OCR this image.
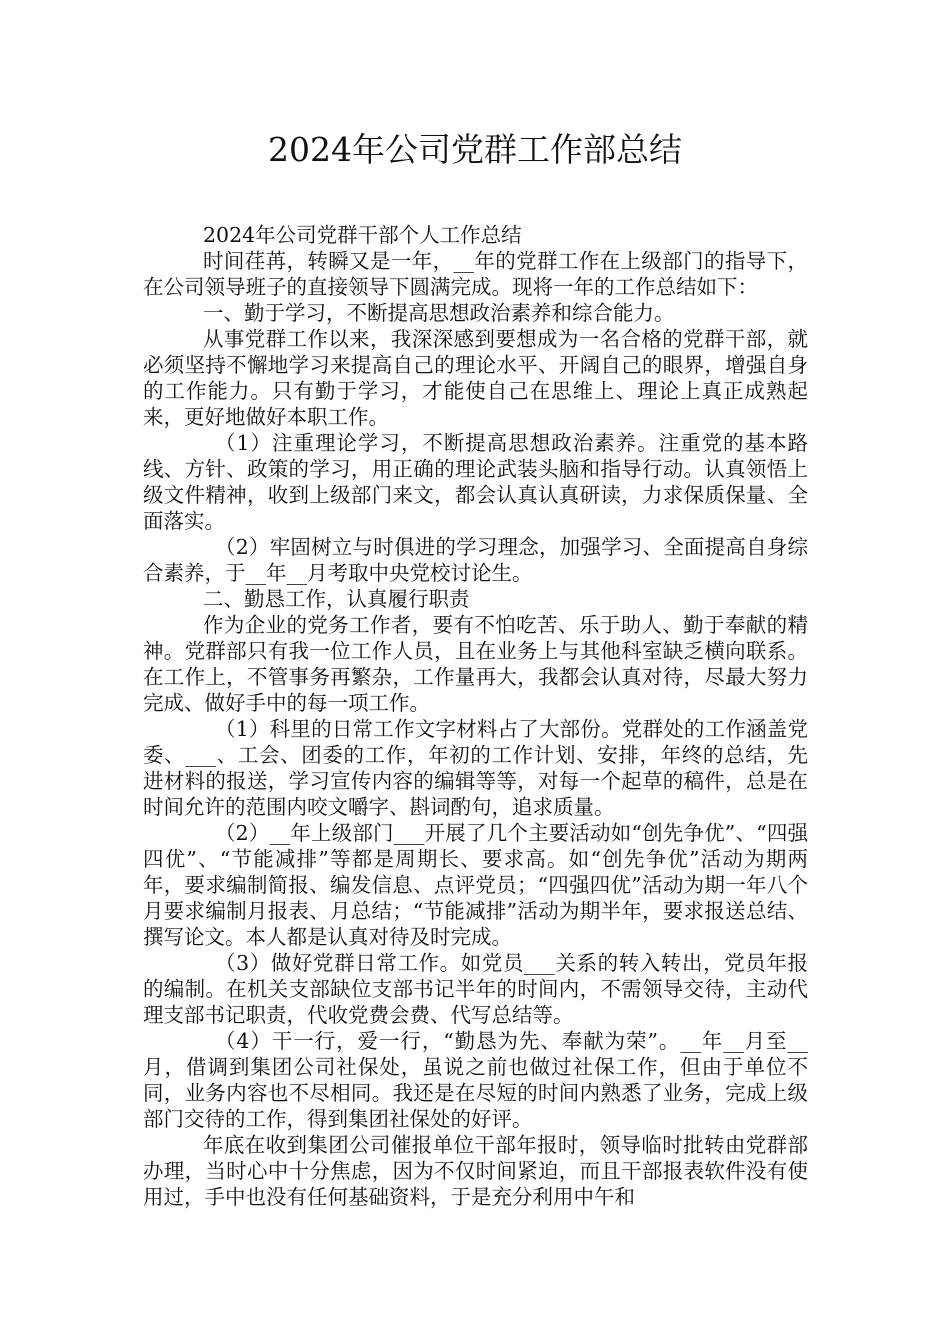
2024年公司党群工作部总结

2024年公司党群干部个人工作总结

时间荏苒，转瞬又是一年，__年的党群工作在上级部门的指导下，在公司领导班子的直接领导下圆满完成。现将一年的工作总结如下：

一、勤于学习，不断提高思想政治素养和综合能力。

从事党群工作以来，我深深感到要想成为一名合格的党群干部，就必须坚持不懈地学习来提高自己的理论水平、开阔自己的眼界，增强自身的工作能力。只有勤于学习，才能使自己在思维上、理论上真正成熟起来，更好地做好本职工作。

（1）注重理论学习，不断提高思想政治素养。注重党的基本路线、方针、政策的学习，用正确的理论武装头脑和指导行动。认真领悟上级文件精神，收到上级部门来文，都会认真认真研读，力求保质保量、全面落实。

（2）牢固树立与时俱进的学习理念，加强学习、全面提高自身综合素养，于__年__月考取中央党校讨论生。

二、勤恳工作，认真履行职责

作为企业的党务工作者，要有不怕吃苦、乐于助人、勤于奉献的精神。党群部只有我一位工作人员，且在业务上与其他科室缺乏横向联系。在工作上，不管事务再繁杂，工作量再大，我都会认真对待，尽最大努力完成、做好手中的每一项工作。

（1）科里的日常工作文字材料占了大部份。党群处的工作涵盖党委、___、工会、团委的工作，年初的工作计划、安排，年终的总结，先进材料的报送，学习宣传内容的编辑等等，对每一个起草的稿件，总是在时间允许的范围内咬文嚼字、斟词酌句，追求质量。

（2）__年上级部门___开展了几个主要活动如“创先争优”、“四强四优”、“节能减排”等都是周期长、要求高。如“创先争优”活动为期两年，要求编制简报、编发信息、点评党员；“四强四优”活动为期一年八个月要求编制月报表、月总结；“节能减排”活动为期半年，要求报送总结、撰写论文。本人都是认真对待及时完成。

（3）做好党群日常工作。如党员___关系的转入转出，党员年报的编制。在机关支部缺位支部书记半年的时间内，不需领导交待，主动代理支部书记职责，代收党费会费、代写总结等。

（4）干一行，爱一行，“勤恳为先、奉献为荣”。__年__月至__月，借调到集团公司社保处，虽说之前也做过社保工作，但由于单位不同，业务内容也不尽相同。我还是在尽短的时间内熟悉了业务，完成上级部门交待的工作，得到集团社保处的好评。

年底在收到集团公司催报单位干部年报时，领导临时批转由党群部办理，当时心中十分焦虑，因为不仅时间紧迫，而且干部报表软件没有使用过，手中也没有任何基础资料，于是充分利用中午和
